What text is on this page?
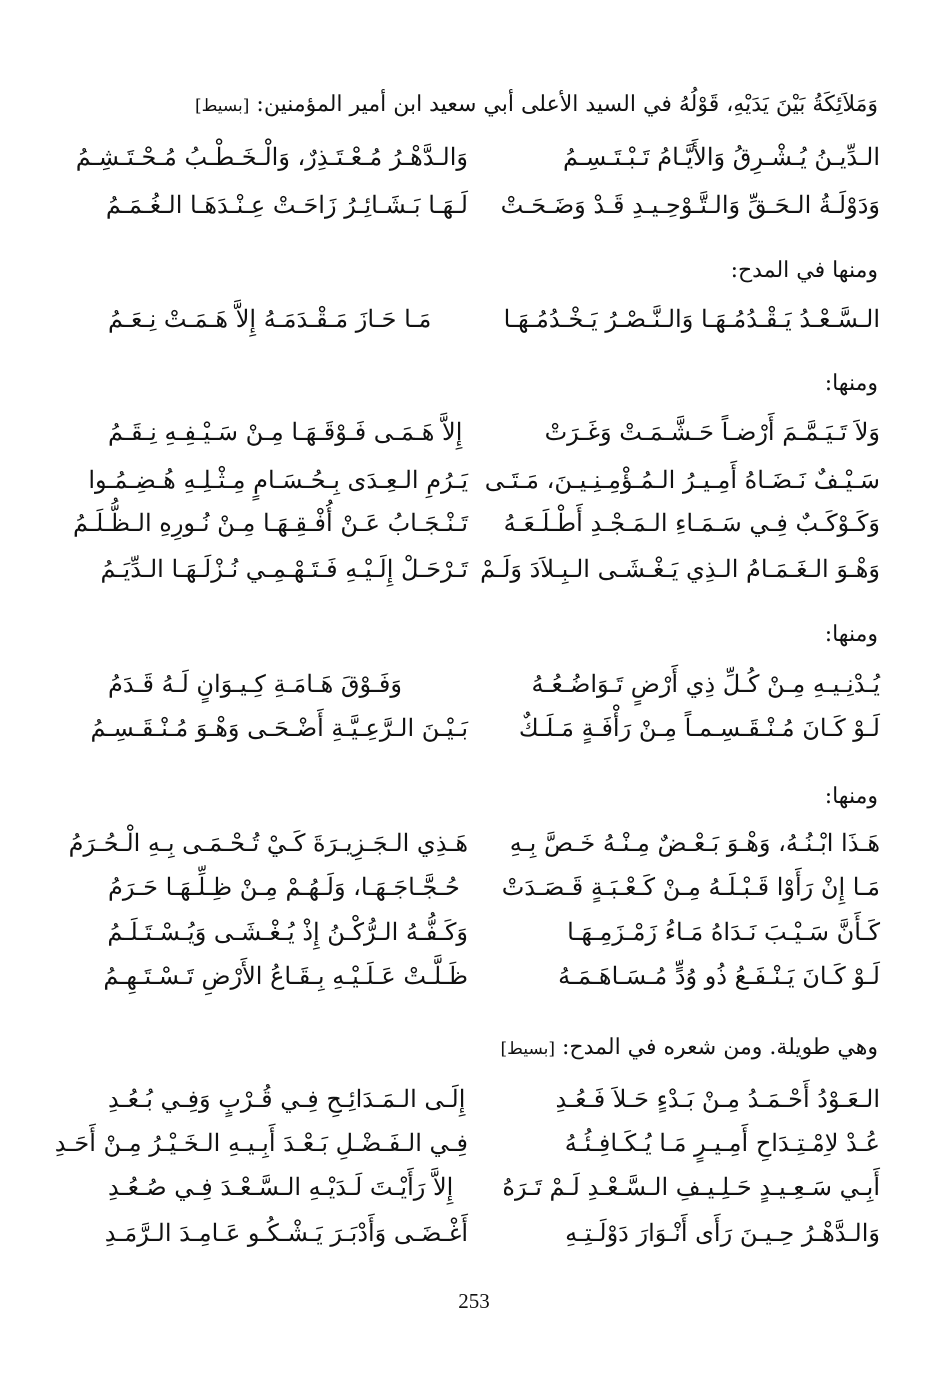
وَمَلاَئِكَةُ بَيْنَ يَدَيْهِ، قَوْلُهُ في السيد الأعلى أبي سعيد ابن أمير المؤمنين: [بسيط]
الـدِّيـنُ يُـشْـرِقُ وَالأَيَّـامُ تَـبْـتَـسِـمُ
وَالـدَّهْـرُ مُـعْـتَـذِرٌ، وَالْـخَـطْـبُ مُـحْـتَـشِـمُ
وَدَوْلَـةُ الـحَـقِّ وَالـتَّـوْحِـيـدِ قَـدْ وَضَـحَـتْ
لَـهَـا بَـشَـائِـرُ زَاحَـتْ عِـنْـدَهَـا الـغُـمَـمُ
ومنها في المدح:
الـسَّـعْـدُ يَـقْـدُمُـهَـا وَالـنَّـصْـرُ يَـخْـدُمُـهَـا
مَـا حَـازَ مَـقْـدَمَـهُ إِلاَّ هَـمَـتْ نِـعَـمُ
ومنها:
وَلاَ تَـيَـمَّـمَ أَرْضـاً حَـشَّـمَـتْ وَغَـرَتْ
إِلاَّ هَـمَـى فَـوْقَـهَـا مِـنْ سَـيْـفِـهِ نِـقَـمُ
سَـيْـفٌ نَـضَـاهُ أَمِـيـرُ الـمُـؤْمِـنِـيـنَ، مَـتَـى
يَـرُمِ الـعِـدَى بِـحُـسَـامٍ مِـثْـلِـهِ هُـضِـمُـوا
وَكَـوْكَـبٌ فِـي سَـمَـاءِ الـمَـجْـدِ أَطْـلَـعَـهُ
تَـنْـجَـابُ عَـنْ أُفْـقِـهَـا مِـنْ نُـورِهِ الـظُّـلَـمُ
وَهْـوَ الـغَـمَـامُ الـذِي يَـغْـشَـى الـبِـلاَدَ وَلَـمْ
تَـرْحَـلْ إِلَـيْـهِ فَـتَـهْـمِـي نُـزْلَـهَـا الـدِّيَـمُ
ومنها:
يُـدْنِـيـهِ مِـنْ كُـلِّ ذِي أَرْضٍ تَـوَاضُـعُـهُ
وَفَـوْقَ هَـامَـةِ كِـيـوَانٍ لَـهُ قَـدَمُ
لَـوْ كَـانَ مُـنْـقَـسِـمـاً مِـنْ رَأْفَـةٍ مَـلَـكٌ
بَـيْـنَ الـرَّعِـيَّـةِ أَضْـحَـى وَهْـوَ مُـنْـقَـسِـمُ
ومنها:
هَـذَا ابْـنُـهُ، وَهْـوَ بَـعْـضٌ مِـنْـهُ خَـصَّ بِـهِ
هَـذِي الـجَـزِيـرَةَ كَـيْ تُـحْـمَـى بِـهِ الْـحُـرَمُ
مَـا إِنْ رَأَوْا قَـبْـلَـهُ مِـنْ كَـعْـبَـةٍ قَـصَـدَتْ
حُـجَّـاجَـهَـا، وَلَـهُـمْ مِـنْ ظِـلِّـهَـا حَـرَمُ
كَـأَنَّ سَـيْـبَ نَـدَاهُ مَـاءُ زَمْـزَمِـهَـا
وَكَـفُّـهُ الـرُّكْـنُ إِذْ يُـغْـشَـى وَيُـسْـتَـلَـمُ
لَـوْ كَـانَ يَـنْـفَـعُ ذُو وُدٍّ مُـسَـاهَـمَـهُ
ظَـلَّـتْ عَـلَـيْـهِ بِـقَـاعُ الأَرْضِ تَـسْـتَـهِـمُ
وهي طويلة. ومن شعره في المدح: [بسيط]
الـعَـوْدُ أَحْـمَـدُ مِـنْ بَـدْءٍ حَـلاَ فَـعُـدِ
إِلَـى الـمَـدَائِـحِ فِـي قُـرْبٍ وَفِـي بُـعُـدِ
عُـدْ لاِمْـتِـدَاحِ أَمِـيـرٍ مَـا يُـكَـافِـئُـهُ
فِـي الـفَـضْـلِ بَـعْـدَ أَبِـيـهِ الـخَـيْـرُ مِـنْ أَحَـدِ
أَبِـي سَـعِـيـدٍ حَـلِـيـفِ الـسَّـعْـدِ لَـمْ تَـرَهُ
إِلاَّ رَأَيْـتَ لَـدَيْـهِ الـسَّـعْـدَ فِـي صُـعُـدِ
وَالـدَّهْـرُ حِـيـنَ رَأَى أَنْـوَارَ دَوْلَـتِـهِ
أَغْـضَـى وَأَدْبَـرَ يَـشْـكُـو عَـامِـدَ الـرَّمَـدِ
253
